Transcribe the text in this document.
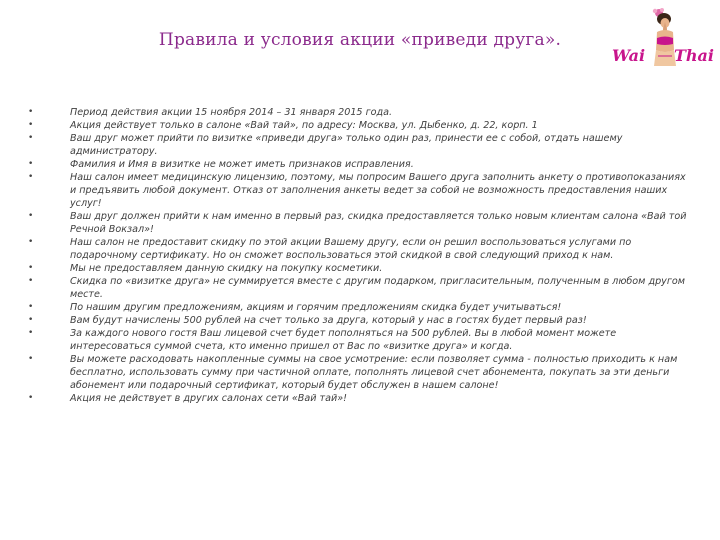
Правила и условия акции «приведи друга».
Wai Thai
•	Период действия акции 15 ноября 2014 – 31 января 2015 года.
•	Акция действует только в салоне «Вай тай», по адресу: Москва, ул. Дыбенко, д. 22, корп. 1
•	Ваш друг может прийти по визитке «приведи друга» только один раз, принести ее с собой, отдать нашему администратору.
•	Фамилия и Имя в визитке не может иметь признаков исправления.
•	Наш салон имеет медицинскую лицензию, поэтому, мы попросим Вашего друга заполнить анкету о противопоказаниях и предъявить любой документ. Отказ от заполнения анкеты ведет за собой не возможность предоставления наших услуг!
•	Ваш друг должен прийти к нам именно в первый раз, скидка предоставляется только новым клиентам салона «Вай той Речной Вокзал»!
•	Наш салон не предоставит скидку по этой акции Вашему другу, если он решил воспользоваться услугами по подарочному сертификату. Но он сможет воспользоваться этой скидкой в свой следующий приход к нам.
•	Мы не предоставляем данную скидку на покупку косметики.
•	Скидка по «визитке друга» не суммируется вместе с другим подарком, пригласительным, полученным в любом другом месте.
•	По нашим другим предложениям, акциям и горячим предложениям скидка будет учитываться!
•	Вам будут начислены 500 рублей на счет только за друга, который у нас в гостях будет первый раз!
•	За каждого нового гостя Ваш лицевой счет будет пополняться на 500 рублей. Вы в любой момент можете интересоваться суммой счета, кто именно пришел от Вас по «визитке друга» и когда.
•	Вы можете расходовать накопленные суммы на свое усмотрение: если позволяет сумма - полностью приходить к нам бесплатно, использовать сумму при частичной оплате, пополнять лицевой счет абонемента, покупать за эти деньги абонемент или подарочный сертификат, который будет обслужен в нашем салоне!
•	Акция не действует в других салонах сети «Вай тай»!
